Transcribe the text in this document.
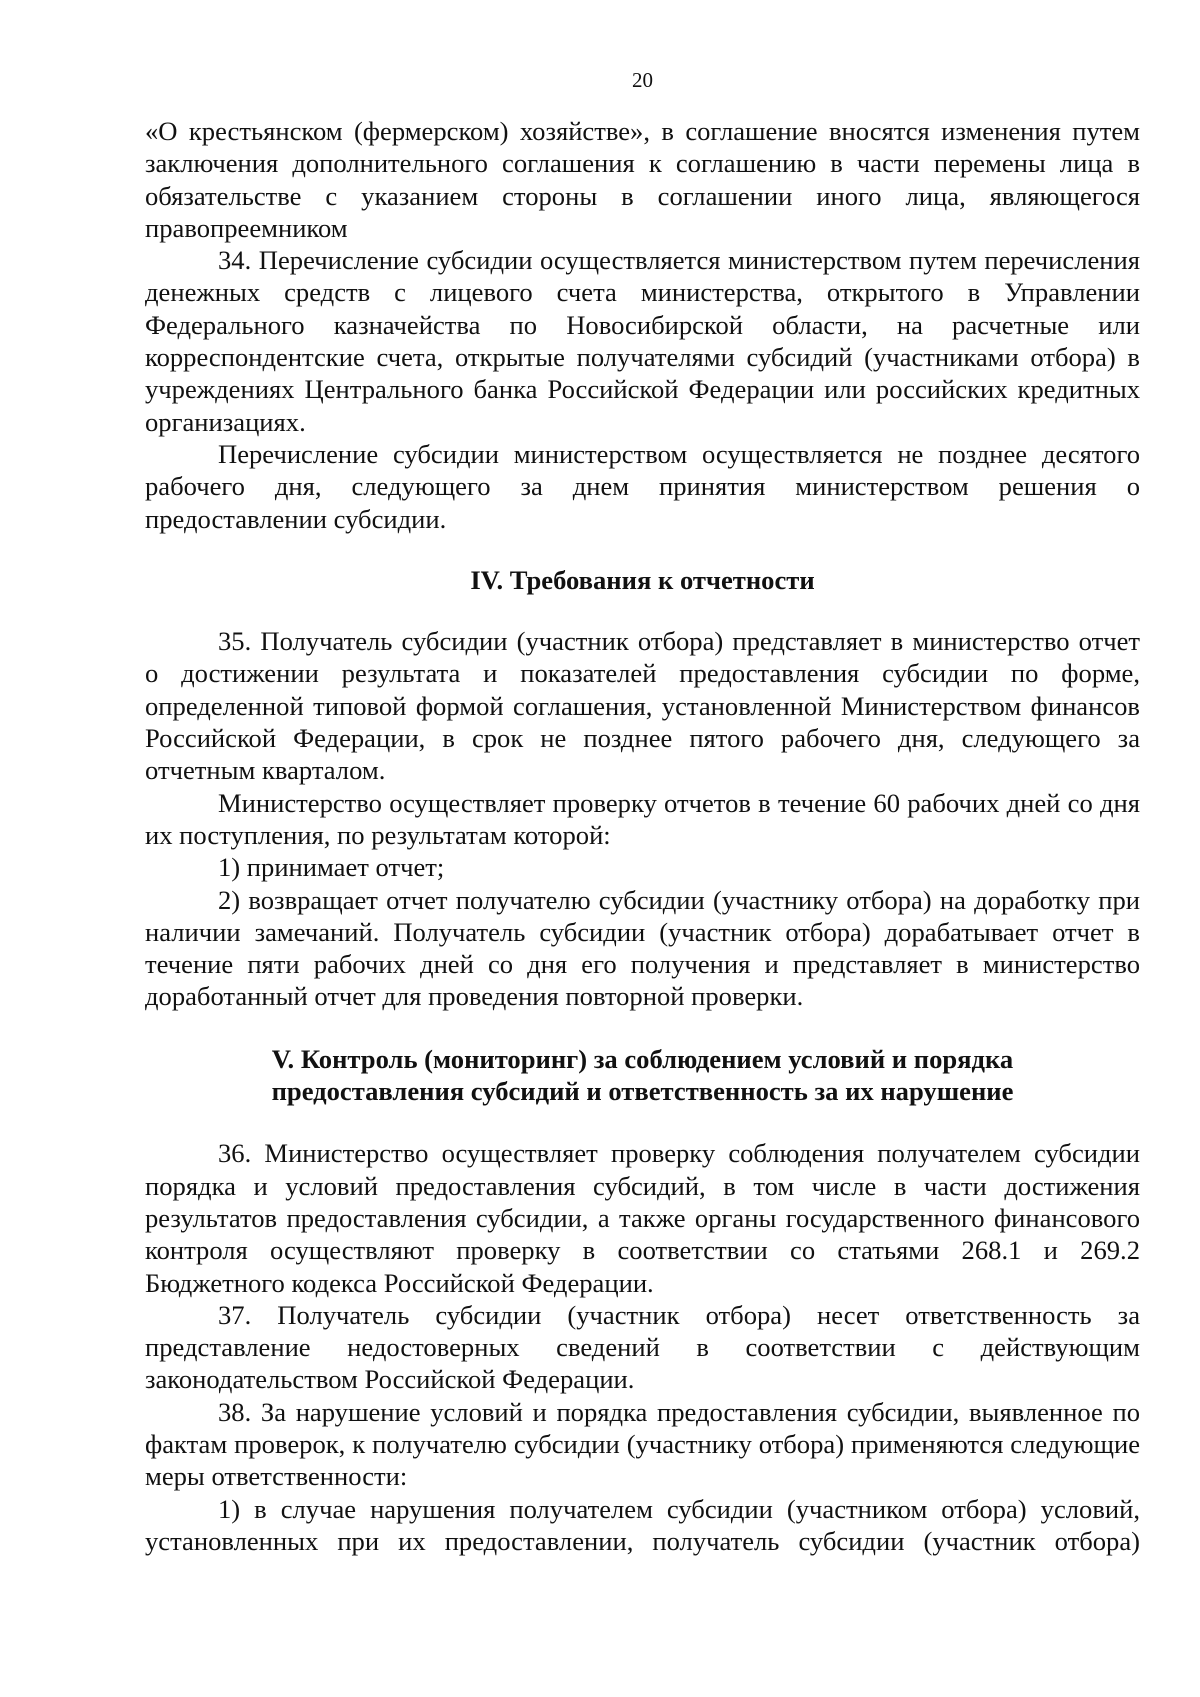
20

«О крестьянском (фермерском) хозяйстве», в соглашение вносятся изменения путем заключения дополнительного соглашения к соглашению в части перемены лица в обязательстве с указанием стороны в соглашении иного лица, являющегося правопреемником

34. Перечисление субсидии осуществляется министерством путем перечисления денежных средств с лицевого счета министерства, открытого в Управлении Федерального казначейства по Новосибирской области, на расчетные или корреспондентские счета, открытые получателями субсидий (участниками отбора) в учреждениях Центрального банка Российской Федерации или российских кредитных организациях.

Перечисление субсидии министерством осуществляется не позднее десятого рабочего дня, следующего за днем принятия министерством решения о предоставлении субсидии.

IV. Требования к отчетности

35. Получатель субсидии (участник отбора) представляет в министерство отчет о достижении результата и показателей предоставления субсидии по форме, определенной типовой формой соглашения, установленной Министерством финансов Российской Федерации, в срок не позднее пятого рабочего дня, следующего за отчетным кварталом.

Министерство осуществляет проверку отчетов в течение 60 рабочих дней со дня их поступления, по результатам которой:

1) принимает отчет;

2) возвращает отчет получателю субсидии (участнику отбора) на доработку при наличии замечаний. Получатель субсидии (участник отбора) дорабатывает отчет в течение пяти рабочих дней со дня его получения и представляет в министерство доработанный отчет для проведения повторной проверки.

V. Контроль (мониторинг) за соблюдением условий и порядка
предоставления субсидий и ответственность за их нарушение

36. Министерство осуществляет проверку соблюдения получателем субсидии порядка и условий предоставления субсидий, в том числе в части достижения результатов предоставления субсидии, а также органы государственного финансового контроля осуществляют проверку в соответствии со статьями 268.1 и 269.2 Бюджетного кодекса Российской Федерации.

37. Получатель субсидии (участник отбора) несет ответственность за представление недостоверных сведений в соответствии с действующим законодательством Российской Федерации.

38. За нарушение условий и порядка предоставления субсидии, выявленное по фактам проверок, к получателю субсидии (участнику отбора) применяются следующие меры ответственности:

1) в случае нарушения получателем субсидии (участником отбора) условий, установленных при их предоставлении, получатель субсидии (участник отбора)
